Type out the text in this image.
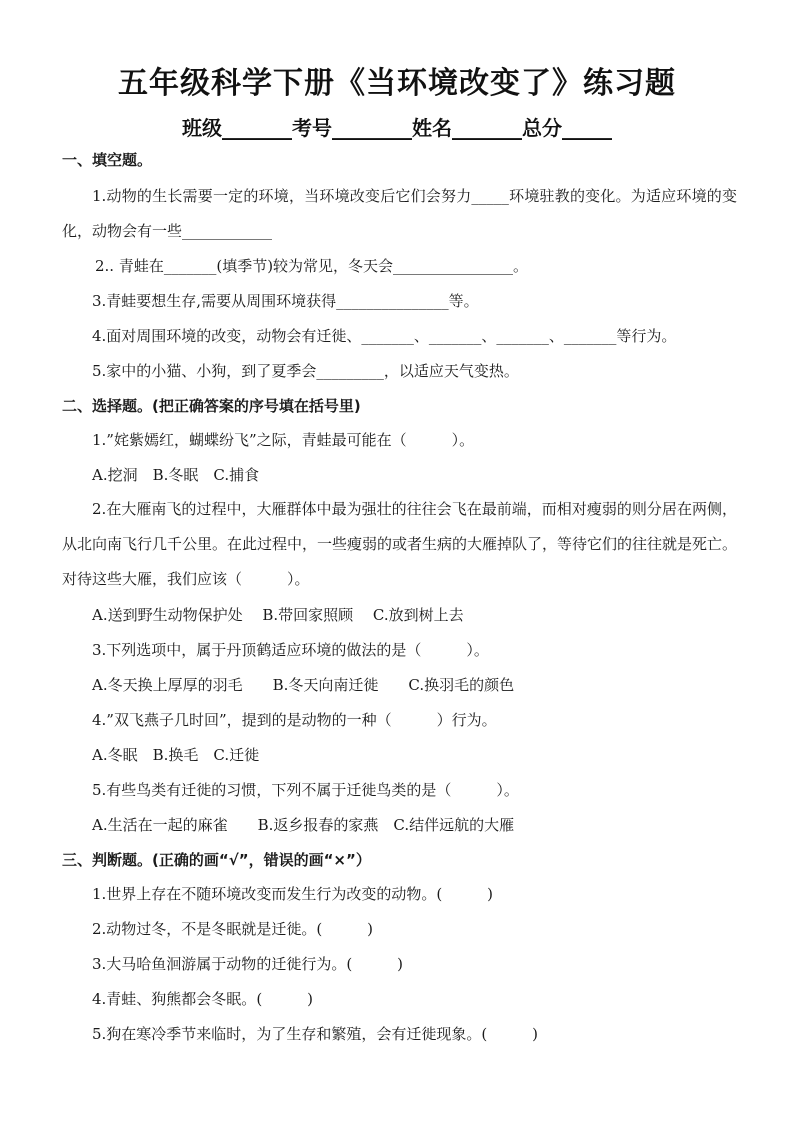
五年级科学下册《当环境改变了》练习题
班级_______考号________姓名_______总分_____
一、填空题。
1.动物的生长需要一定的环境，当环境改变后它们会努力_____环境驻教的变化。为适应环境的变化，动物会有一些____________
2.. 青蛙在_______(填季节)较为常见，冬天会________________。
3.青蛙要想生存,需要从周围环境获得_______________等。
4.面对周围环境的改变，动物会有迁徙、_______、_______、_______、_______等行为。
5.家中的小猫、小狗，到了夏季会_________，以适应天气变热。
二、选择题。(把正确答案的序号填在括号里)
1.”姹紫嫣红，蝴蝶纷飞”之际，青蛙最可能在（　　　）。
A.挖洞　B.冬眠　C.捕食
2.在大雁南飞的过程中，大雁群体中最为强壮的往往会飞在最前端，而相对瘦弱的则分居在两侧，从北向南飞行几千公里。在此过程中，一些瘦弱的或者生病的大雁掉队了，等待它们的往往就是死亡。对待这些大雁，我们应该（　　　）。
A.送到野生动物保护处　 B.带回家照顾　 C.放到树上去
3.下列选项中，属于丹顶鹤适应环境的做法的是（　　　）。
A.冬天换上厚厚的羽毛　　B.冬天向南迁徙　　C.换羽毛的颜色
4.”双飞燕子几时回”，提到的是动物的一种（　　　）行为。
A.冬眠　B.换毛　C.迁徙
5.有些鸟类有迁徙的习惯，下列不属于迁徙鸟类的是（　　　）。
A.生活在一起的麻雀　　B.返乡报春的家燕　C.结伴远航的大雁
三、判断题。(正确的画“√”，错误的画“×”）
1.世界上存在不随环境改变而发生行为改变的动物。(　　　)
2.动物过冬，不是冬眠就是迁徙。(　　　)
3.大马哈鱼洄游属于动物的迁徙行为。(　　　)
4.青蛙、狗熊都会冬眠。(　　　)
5.狗在寒冷季节来临时，为了生存和繁殖，会有迁徙现象。(　　　)
